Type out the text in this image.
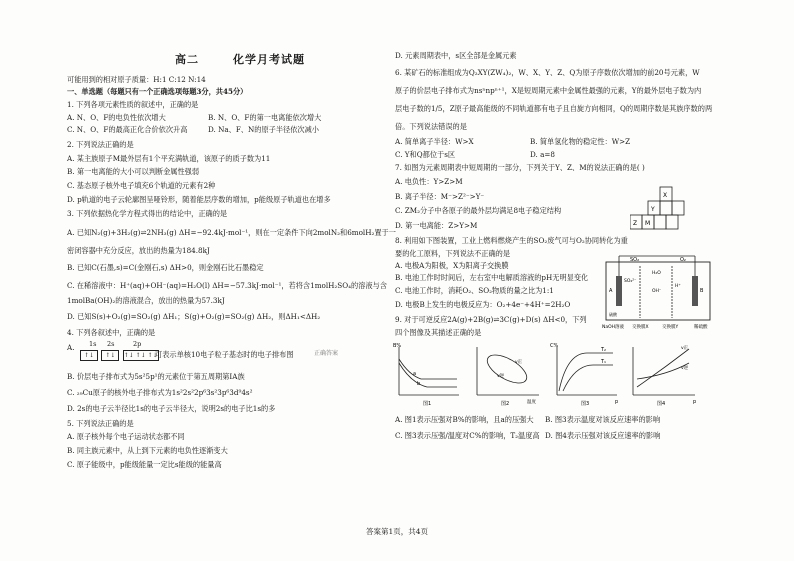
高二	化学月考试题
可能用到的相对原子质量：H:1 C:12 N:14
一、单选题（每题只有一个正确选项每题3分，共45分）
1. 下列各项元素性质的叙述中，正确的是
A. N、O、F的电负性依次增大	B. N、O、F的第一电离能依次增大
C. N、O、F的最高正化合价依次升高	D. Na、F、N的原子半径依次减小
2. 下列说法正确的是
A. 某主族原子M最外层有1个平充满轨道，该原子的质子数为11
B. 第一电离能的大小可以判断金属性强弱
C. 基态原子核外电子填充6个轨道的元素有2种
D. p轨道的电子云轮廓图呈哑铃形，随着能层序数的增加，p能级原子轨道也在增多
3. 下列依据热化学方程式得出的结论中，正确的是
A. 已知N₂(g)+3H₂(g)⇌2NH₃(g) ΔH=−92.4kJ·mol⁻¹，则在一定条件下向2molN₂和6molH₂置于一
密闭容器中充分反应，放出的热量为184.8kJ
B. 已知C(石墨,s)=C(金刚石,s) ΔH>0，则金刚石比石墨稳定
C. 在稀溶液中：H⁺(aq)+OH⁻(aq)=H₂O(l) ΔH=−57.3kJ·mol⁻¹，若将含1molH₂SO₄的溶液与含
1molBa(OH)₂的溶液混合，放出的热量为57.3kJ
D. 已知S(s)+O₂(g)=SO₂(g) ΔH₁；S(g)+O₂(g)=SO₂(g) ΔH₂，则ΔH₁<ΔH₂
4. 下列各叙述中，正确的是
A. 1s 2s	2p
↑↓ ↑↓ ↑↓ ↑↓ ↑↓
可表示单核10电子粒子基态时的电子排布图	正确答案
B. 价层电子排布式为5s²5p¹的元素位于第五周期第ⅠA族
C. ₂₉Cu原子的核外电子排布式为1s²2s²2p⁶3s²3p⁶3d⁹4s²
D. 2s的电子云半径比1s的电子云半径大，说明2s的电子比1s的多
5. 下列说法正确的是
A. 原子核外每个电子运动状态都不同
B. 同主族元素中，从上到下元素的电负性逐渐变大
C. 原子能级中，p能级能量一定比s能级的能量高
D. 元素周期表中，s区全部是金属元素
6. 某矿石的标准组成为Q₂XY(ZW₄)₂，W、X、Y、Z、Q为原子序数依次增加的前20号元素，W
原子的价层电子排布式为nsⁿnpⁿ⁺¹，X是短周期元素中金属性最强的元素，Y的最外层电子数为内
层电子数的1/5，Z原子最高能级的不同轨道都有电子且自旋方向相同，Q的周期序数是其族序数的两
倍。下列说法错误的是
A. 简单离子半径：W>X	B. 简单氢化物的稳定性：W>Z
C. Y和Q都位于s区	D. a=8
7. 如图为元素周期表中短周期的一部分，下列关于Y、Z、M的说法正确的是( )
A. 电负性：Y>Z>M
B. 离子半径：M⁻>Z²⁻>Y⁻
C. ZM₂分子中各原子的最外层均满足8电子稳定结构
D. 第一电离能：Z>Y>M
X
Y
Z M
8. 利用如下图装置，工业上燃料燃烧产生的SO₂废气可与O₂协同转化为重
要的化工原料，下列说法不正确的是
A. 电极A为阳极，X为阳离子交换膜
B. 电池工作时时间后，左右室中电解质溶液的pH无明显变化
C. 电池工作时，消耗O₂、SO₂物质的量之比为1:1
D. 电极B上发生的电极反应为：O₂+4e⁻+4H⁺=2H₂O
SO₂	O₂
A	B
H₂O
SO₄²⁻
OH⁻
H⁺
NaOH溶液 交换膜X	交换膜Y	稀硫酸
硫酸
9. 对于可逆反应2A(g)+2B(g)⇌3C(g)+D(s) ΔH<0，下列
四个图像及其描述正确的是
B%
a
b
图1
v正
v逆
温度
图2
C%
T₂
T₁
p
图3
v正
v逆
p
图4
A. 图1表示压强对B%的影响，且a的压强大 B. 图3表示温度对该反应速率的影响
C. 图3表示压强/温度对C%的影响，T₂温度高 D. 图4表示压强对该反应速率的影响
答案第1页，共4页
